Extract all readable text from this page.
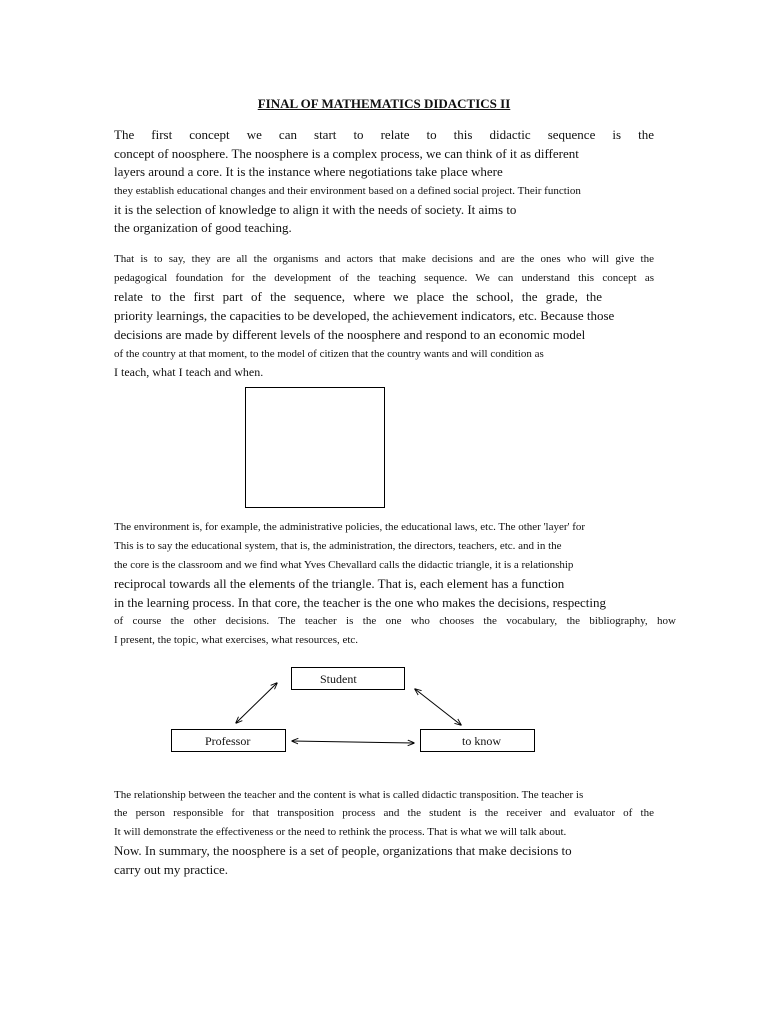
FINAL OF MATHEMATICS DIDACTICS II
The first concept we can start to relate to this didactic sequence is the
concept of noosphere. The noosphere is a complex process, we can think of it as different
layers around a core. It is the instance where negotiations take place where
they establish educational changes and their environment based on a defined social project. Their function
it is the selection of knowledge to align it with the needs of society. It aims to
the organization of good teaching.
That is to say, they are all the organisms and actors that make decisions and are the ones who will give the
pedagogical foundation for the development of the teaching sequence. We can understand this concept as
relate to the first part of the sequence, where we place the school, the grade, the
priority learnings, the capacities to be developed, the achievement indicators, etc. Because those
decisions are made by different levels of the noosphere and respond to an economic model
of the country at that moment, to the model of citizen that the country wants and will condition as
I teach, what I teach and when.
The environment is, for example, the administrative policies, the educational laws, etc. The other 'layer' for
This is to say the educational system, that is, the administration, the directors, teachers, etc. and in the
the core is the classroom and we find what Yves Chevallard calls the didactic triangle, it is a relationship
reciprocal towards all the elements of the triangle. That is, each element has a function
in the learning process. In that core, the teacher is the one who makes the decisions, respecting
of course the other decisions. The teacher is the one who chooses the vocabulary, the bibliography, how
I present, the topic, what exercises, what resources, etc.
Student
Professor	to know
The relationship between the teacher and the content is what is called didactic transposition. The teacher is
the person responsible for that transposition process and the student is the receiver and evaluator of the
It will demonstrate the effectiveness or the need to rethink the process. That is what we will talk about.
Now. In summary, the noosphere is a set of people, organizations that make decisions to
carry out my practice.
